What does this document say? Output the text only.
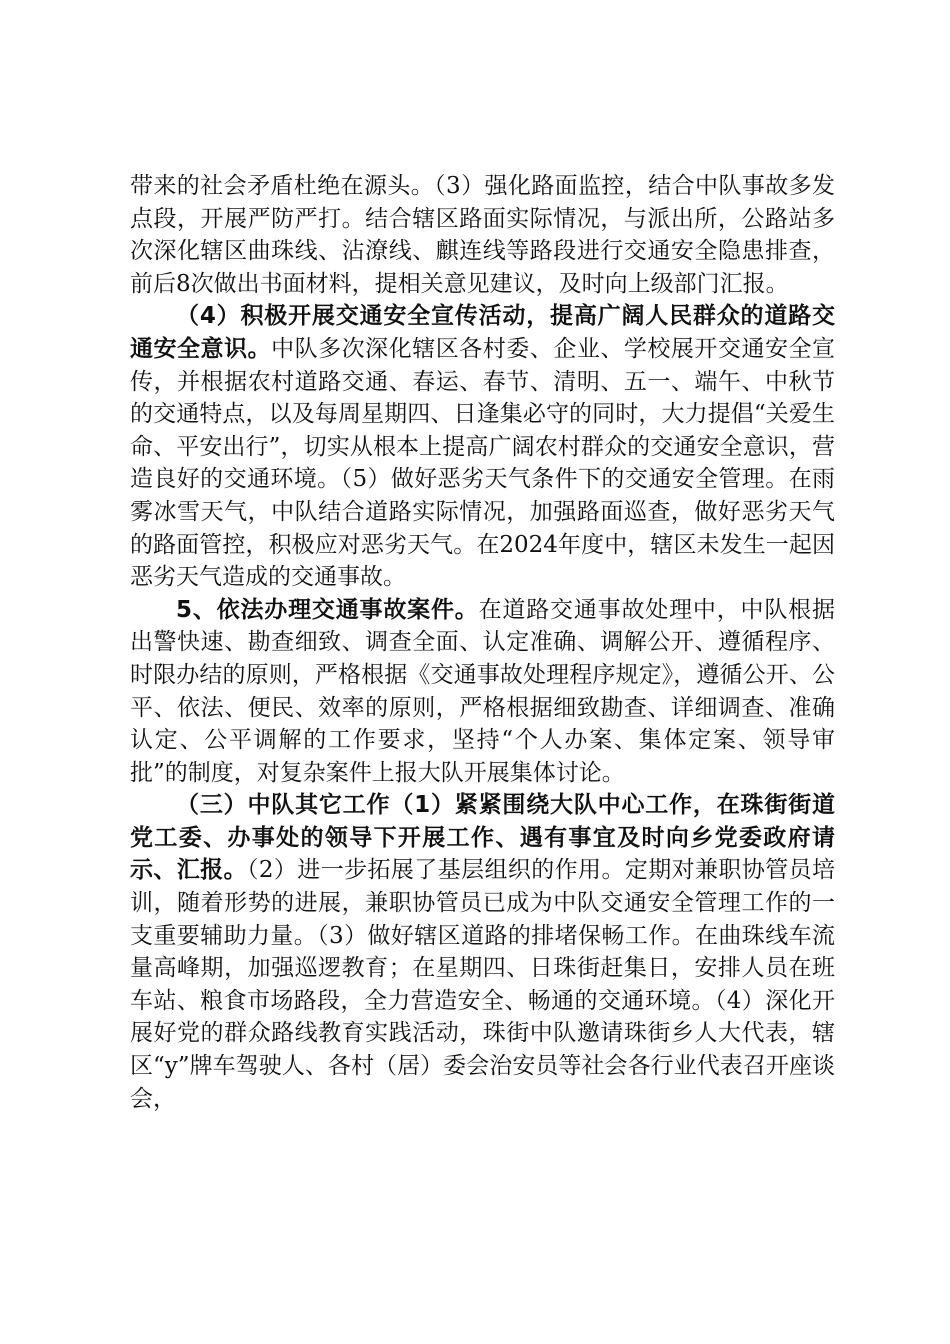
带来的社会矛盾杜绝在源头。（3）强化路面监控，结合中队事故多发点段，开展严防严打。结合辖区路面实际情况，与派出所，公路站多次深化辖区曲珠线、沾潦线、麒连线等路段进行交通安全隐患排查，前后8次做出书面材料，提相关意见建议，及时向上级部门汇报。

（4）积极开展交通安全宣传活动，提高广阔人民群众的道路交通安全意识。中队多次深化辖区各村委、企业、学校展开交通安全宣传，并根据农村道路交通、春运、春节、清明、五一、端午、中秋节的交通特点，以及每周星期四、日逢集必守的同时，大力提倡“关爱生命、平安出行”，切实从根本上提高广阔农村群众的交通安全意识，营造良好的交通环境。（5）做好恶劣天气条件下的交通安全管理。在雨雾冰雪天气，中队结合道路实际情况，加强路面巡查，做好恶劣天气的路面管控，积极应对恶劣天气。在2024年度中，辖区未发生一起因恶劣天气造成的交通事故。

5、依法办理交通事故案件。在道路交通事故处理中，中队根据出警快速、勘查细致、调查全面、认定准确、调解公开、遵循程序、时限办结的原则，严格根据《交通事故处理程序规定》，遵循公开、公平、依法、便民、效率的原则，严格根据细致勘查、详细调查、准确认定、公平调解的工作要求，坚持“个人办案、集体定案、领导审批”的制度，对复杂案件上报大队开展集体讨论。

（三）中队其它工作（1）紧紧围绕大队中心工作，在珠街街道党工委、办事处的领导下开展工作、遇有事宜及时向乡党委政府请示、汇报。（2）进一步拓展了基层组织的作用。定期对兼职协管员培训，随着形势的进展，兼职协管员已成为中队交通安全管理工作的一支重要辅助力量。（3）做好辖区道路的排堵保畅工作。在曲珠线车流量高峰期，加强巡逻教育；在星期四、日珠街赶集日，安排人员在班车站、粮食市场路段，全力营造安全、畅通的交通环境。（4）深化开展好党的群众路线教育实践活动，珠街中队邀请珠街乡人大代表，辖区“y”牌车驾驶人、各村（居）委会治安员等社会各行业代表召开座谈会，
